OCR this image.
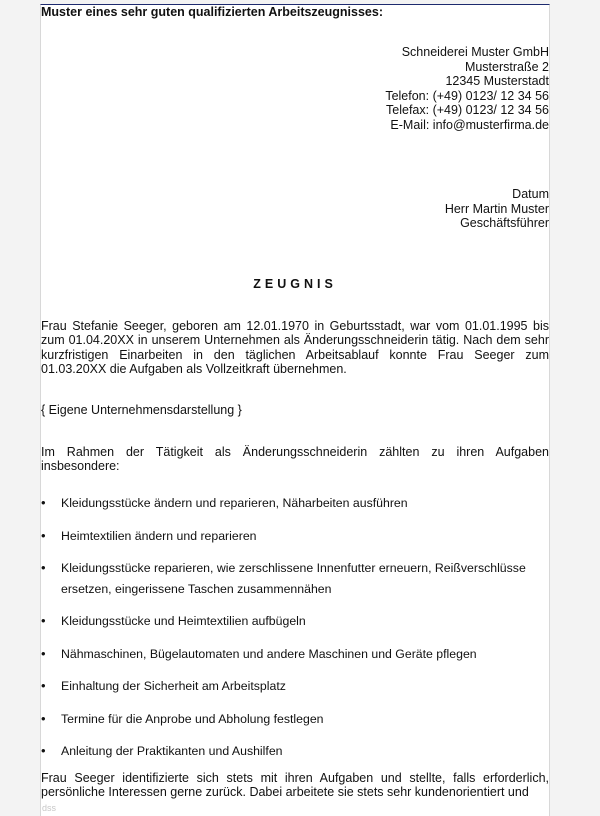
Muster eines sehr guten qualifizierten Arbeitszeugnisses:
Schneiderei Muster GmbH
Musterstraße 2
12345 Musterstadt
Telefon: (+49) 0123/ 12 34 56
Telefax: (+49) 0123/ 12 34 56
E-Mail: info@musterfirma.de
Datum
Herr Martin Muster
Geschäftsführer
ZEUGNIS
Frau Stefanie Seeger, geboren am 12.01.1970 in Geburtsstadt, war vom 01.01.1995 bis zum 01.04.20XX in unserem Unternehmen als Änderungsschneiderin tätig. Nach dem sehr kurzfristigen Einarbeiten in den täglichen Arbeitsablauf konnte Frau Seeger zum 01.03.20XX die Aufgaben als Vollzeitkraft übernehmen.
{ Eigene Unternehmensdarstellung }
Im Rahmen der Tätigkeit als Änderungsschneiderin zählten zu ihren Aufgaben insbesondere:
• Kleidungsstücke ändern und reparieren, Näharbeiten ausführen
• Heimtextilien ändern und reparieren
• Kleidungsstücke reparieren, wie zerschlissene Innenfutter erneuern, Reißverschlüsse ersetzen, eingerissene Taschen zusammennähen
• Kleidungsstücke und Heimtextilien aufbügeln
• Nähmaschinen, Bügelautomaten und andere Maschinen und Geräte pflegen
• Einhaltung der Sicherheit am Arbeitsplatz
• Termine für die Anprobe und Abholung festlegen
• Anleitung der Praktikanten und Aushilfen
Frau Seeger identifizierte sich stets mit ihren Aufgaben und stellte, falls erforderlich, persönliche Interessen gerne zurück. Dabei arbeitete sie stets sehr kundenorientiert und
dss
